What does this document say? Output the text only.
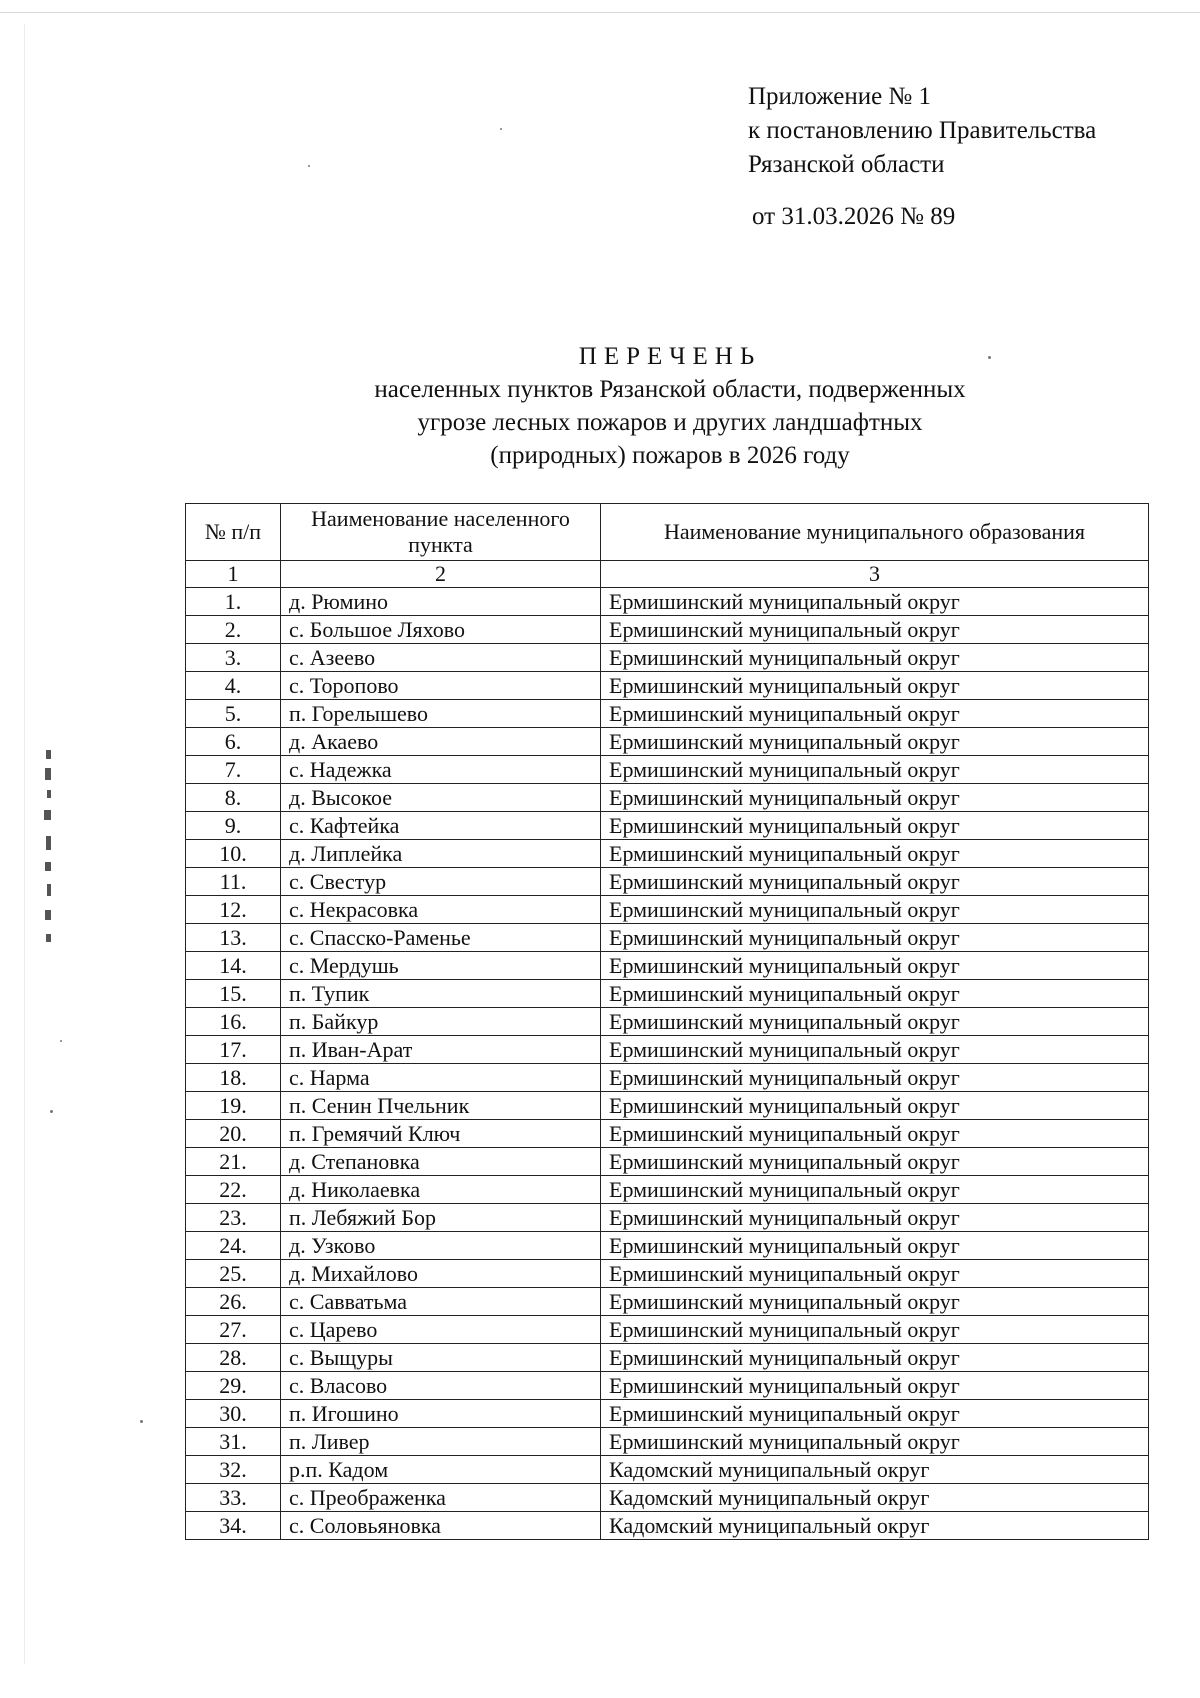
Приложение № 1
к постановлению Правительства
Рязанской области
от 31.03.2026 № 89
ПЕРЕЧЕНЬ
населенных пунктов Рязанской области, подверженных
угрозе лесных пожаров и других ландшафтных
(природных) пожаров в 2026 году
№ п/п	Наименование населенного пункта	Наименование муниципального образования
1	2	3
1.	д. Рюмино	Ермишинский муниципальный округ
2.	с. Большое Ляхово	Ермишинский муниципальный округ
3.	с. Азеево	Ермишинский муниципальный округ
4.	с. Торопово	Ермишинский муниципальный округ
5.	п. Горелышево	Ермишинский муниципальный округ
6.	д. Акаево	Ермишинский муниципальный округ
7.	с. Надежка	Ермишинский муниципальный округ
8.	д. Высокое	Ермишинский муниципальный округ
9.	с. Кафтейка	Ермишинский муниципальный округ
10.	д. Липлейка	Ермишинский муниципальный округ
11.	с. Свестур	Ермишинский муниципальный округ
12.	с. Некрасовка	Ермишинский муниципальный округ
13.	с. Спасско-Раменье	Ермишинский муниципальный округ
14.	с. Мердушь	Ермишинский муниципальный округ
15.	п. Тупик	Ермишинский муниципальный округ
16.	п. Байкур	Ермишинский муниципальный округ
17.	п. Иван-Арат	Ермишинский муниципальный округ
18.	с. Нарма	Ермишинский муниципальный округ
19.	п. Сенин Пчельник	Ермишинский муниципальный округ
20.	п. Гремячий Ключ	Ермишинский муниципальный округ
21.	д. Степановка	Ермишинский муниципальный округ
22.	д. Николаевка	Ермишинский муниципальный округ
23.	п. Лебяжий Бор	Ермишинский муниципальный округ
24.	д. Узково	Ермишинский муниципальный округ
25.	д. Михайлово	Ермишинский муниципальный округ
26.	с. Савватьма	Ермишинский муниципальный округ
27.	с. Царево	Ермишинский муниципальный округ
28.	с. Выщуры	Ермишинский муниципальный округ
29.	с. Власово	Ермишинский муниципальный округ
30.	п. Игошино	Ермишинский муниципальный округ
31.	п. Ливер	Ермишинский муниципальный округ
32.	р.п. Кадом	Кадомский муниципальный округ
33.	с. Преображенка	Кадомский муниципальный округ
34.	с. Соловьяновка	Кадомский муниципальный округ
